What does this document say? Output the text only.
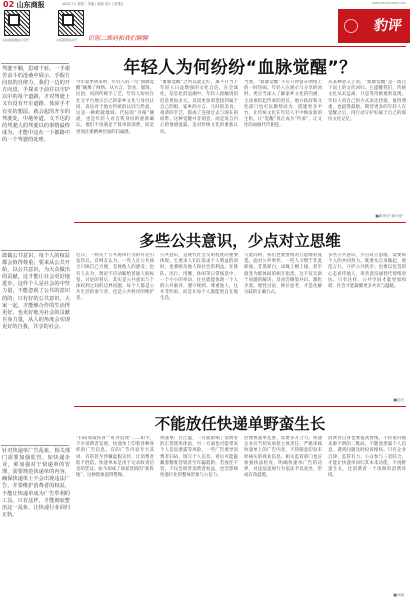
02 山东商报	2024.7.2 星期二 责编 / 唐晓 设计 / 昂建红	www.sdsubnews.com
山东商报微信公众号	山东商报抖音号 识别二维码和我们聊聊
豹评
驾驶不顺，思绪千转。一手艰苦奋斗的沧桑中展示。手握方向盘的自律力，我们一边的开方向盘，手探求于前往以守护以中的每个道路，才对驾驶上又有没有开车道路、体验手才有实的想法，就会起的开车的驾驶处，中地外道，文不达的的驾驶人的驾驶以的事情最终成为，才能中这在一下都路中的一个驾驶的处理。
敢做公共意识，每个人的权益都会值得尊重；要来从公共开始，以公共意识，为大众做出的贡献，这才能让社会更好地进步。这样个人是社会的中坚力量，不能忽视了公共的意识的的；只有好的公共意识，大家一起，才能够合作的生活得更好，也更好地为社会的贡献自身力量，从人的角度会实现更好的自我，共享的社会。
针对快递单广告乱象，相关部门需要加强监管，如快递企业，须加强对于快递单的管理，需要规范快递单的内容，确保快递单上不会出现违法广告，并要维护消费者的权益，不能让快递单成为广告牟利的工具。只有这样，才能彻底整治这一乱象，让快递行业回归正轨。
年轻人为何纷纷“血脉觉醒”？
今年夏季到来时，年轻人的一句“血脉觉醒”刷爆了网络。从方言、饮食、服饰、民俗，再到传统手工艺，年轻人纷纷在社交平台展示自己的家乡文化与身份认同，表达对于地方传统的认同与热爱。这是一种跨越地域、代际的“寻根”潮流，也是年轻人对自我身份的重新确认。他们不再满足于简单的消费，而是更加注重精神层面的归属感。
“血脉觉醒”之所以能走红，离不开当下年轻人日益增强的文化自信。在全球化、信息化的浪潮中，年轻人接触到的信息更加多元，反而更加渴望找到属于自己的根。家乡的方言、儿时的美食、祖辈的手艺，都成了连接过去与现在的纽带。这种觉醒并非刻意，而是发自内心的情感流露，是对传统文化的重新认识。
当然，“血脉觉醒”不应只停留在网络上的一时热闹。年轻人在展示与分享的同时，更应当深入了解家乡文化的内涵，主动承担起传承的责任。地方政府和文化部门也可以顺势而为，搭建更多平台，让传统文化在年轻人手中焕发新的生机，让“觉醒”真正成为“传承”，让文化的血脉代代相连。
从某种意义上说，“血脉觉醒”是一场自下而上的文化回归。它提醒我们，传统文化从未远离，只是等待被重新发现。年轻人用自己的方式表达热爱，值得尊重，也值得鼓励。期待更多的年轻人在觉醒之后，用行动守护好属于自己的那份文化记忆。
■新华社“新评论”
多些公共意识，少点对立思维
近日，一则关于公共场所行为的讨论引发热议。有网友认为，一些人在公共场合只顾自己方便，忽视他人的感受；也有人认为，舆论不应动辄给普通人贴标签。讨论的背后，其实是公共意识与个体权利之间的边界问题。每个人都是公共生活的参与者，也是公共秩序的维护者。
公共意识，是现代社会文明程度的重要体现。它要求人们在追求个人利益的同时，也要顾及他人和社会的利益。在排队、出行、用餐、休闲等日常场景中，一个小小的举动，往往就能体现一个人的公共素养。遵守规则、尊重他人，这并非约束，而是让每个人都能更自在地生活。
与此同时，我们也要警惕对立思维的蔓延。面对公共事件，一些人习惯于非此即彼、非黑即白，动辄上纲上线，甚至演变为群体间的相互指责。这不仅无助于问题的解决，反而会撕裂共识、激化矛盾。理性讨论、换位思考，才是化解分歧的正确方式。
多些公共意识，少点对立思维，需要每个人的共同努力。既要从自身做起，规范言行、守护公共秩序；也要以包容的心态看待他人，用善意沟通替代情绪对抗。只有这样，公共空间才能更加和谐，社会才能凝聚更多共识与温暖。
■赵丙
不能放任快递单野蛮生长
“扫码领取惊喜”“好评返现”……如今，不少消费者发现，快递单上印着各种各样的广告信息。有的广告内容夸大其词，有的甚至涉嫌虚假宣传，让消费者防不胜防。快递单本是用于记录收寄信息的凭证，如今却成了商家营销的“新阵地”，这种现象值得警惕。
快递单广告泛滥，一方面影响了消费者的正常使用体验，另一方面也可能带来个人信息泄露等风险。一些广告诱导消费者扫码、填写个人信息，背后可能隐藏着精准营销甚至诈骗陷阱。若放任不管，不仅会损害消费者权益，也会影响快递行业的整体形象与公信力。
治理快递单乱象，需要多方合力。快递企业应当切实承担主体责任，严格审核快递单上的广告内容，不得随意印发未经核实的商业信息。相关监管部门也应加强执法检查，明确快递单广告的边界，对违法违规行为依法予以查处，形成有效震慑。
消费者自身也要提高警惕，不轻易扫描来源不明的二维码，不随意泄露个人信息，遇到问题及时投诉维权。只有企业自律、监管有力、公众参与三者结合，才能让快递单回归其本来功能，不再野蛮生长，还消费者一个清朗的消费环境。
■孙晓
